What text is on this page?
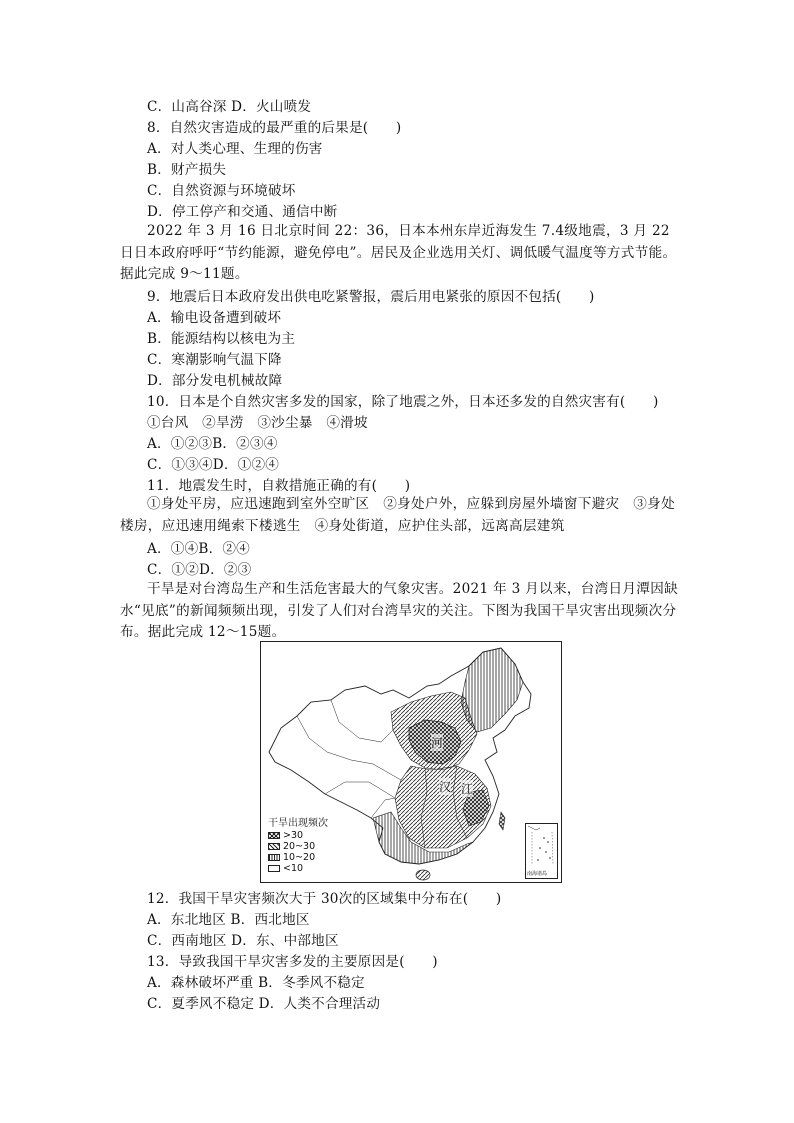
C．山高谷深 D．火山喷发
8．自然灾害造成的最严重的后果是(　　)
A．对人类心理、生理的伤害
B．财产损失
C．自然资源与环境破坏
D．停工停产和交通、通信中断
2022 年 3 月 16 日北京时间 22：36，日本本州东岸近海发生 7.4级地震，3 月 22 日日本政府呼吁“节约能源，避免停电”。居民及企业选用关灯、调低暖气温度等方式节能。据此完成 9～11题。
9．地震后日本政府发出供电吃紧警报，震后用电紧张的原因不包括(　　)
A．输电设备遭到破坏
B．能源结构以核电为主
C．寒潮影响气温下降
D．部分发电机械故障
10．日本是个自然灾害多发的国家，除了地震之外，日本还多发的自然灾害有(　　)
①台风　②旱涝　③沙尘暴　④滑坡
A．①②③B．②③④
C．①③④D．①②④
11．地震发生时，自救措施正确的有(　　)
①身处平房，应迅速跑到室外空旷区　②身处户外，应躲到房屋外墙窗下避灾　③身处楼房，应迅速用绳索下楼逃生　④身处街道，应护住头部，远离高层建筑
A．①④B．②④
C．①②D．②③
干旱是对台湾岛生产和生活危害最大的气象灾害。2021 年 3 月以来，台湾日月潭因缺水“见底”的新闻频频出现，引发了人们对台湾旱灾的关注。下图为我国干旱灾害出现频次分布。据此完成 12～15题。
河
江
汉
干旱出现频次
>30
20~30
10~20
<10	南海诸岛
12．我国干旱灾害频次大于 30次的区域集中分布在(　　)
A．东北地区 B．西北地区
C．西南地区 D．东、中部地区
13．导致我国干旱灾害多发的主要原因是(　　)
A．森林破坏严重 B．冬季风不稳定
C．夏季风不稳定 D．人类不合理活动
